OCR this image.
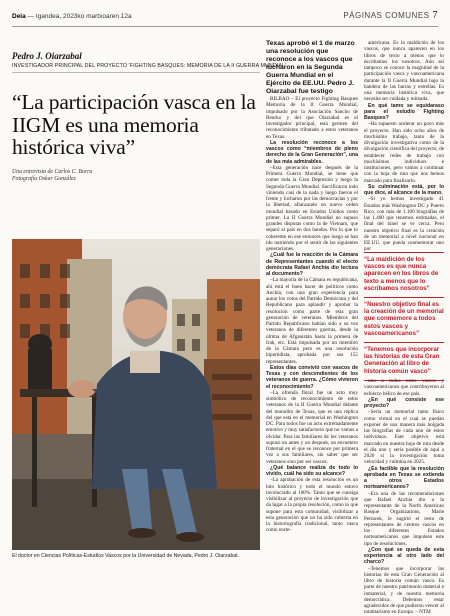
Deia — Igandea, 2023ko martxoaren 12a	PÁGINAS COMUNES 7
Pedro J. Oiarzabal
INVESTIGADOR PRINCIPAL DEL PROYECTO 'FIGHTING BASQUES: MEMORIA DE LA II GUERRA MUNDIAL'
“La participación vasca en la IIGM es una memoria histórica viva”
Una entrevista de Carlos C. Borra
Fotografía Oskar González
El doctor en Ciencias Políticas-Estudios Vascos por la Universidad de Nevada, Pedro J. Oiarzabal.
Texas aprobó el 1 de marzo una resolución que reconoce a los vascos que lucharon en la Segunda Guerra Mundial en el Ejército de EE.UU. Pedro J. Oiarzabal fue testigo

BILBAO – El proyecto Fighting Basques Memoria de la II Guerra Mundial, impulsado por la Asociación Sancho de Beurko y del que Oiarzabal es el investigador principal, está germen del reconocimiento tributado a estos veteranos en Texas.

La resolución reconoce a los vascos como “miembros de pleno derecho de la Gran Generación”, una de las más admirables.

–Esta generación nace después de la Primera Guerra Mundial, se tiene que comer toda la Gran Depresión y luego la Segunda Guerra Mundial. Sacrificaron todo viniendo casi de la nada y luego fueron el frente y lucharon por las democracias y por la libertad, afianzando un nuevo orden mundial basado en Estados Unidos como primer. La II Guerra Mundial no supuso grandes disputas como la de Vietnam, que separó al país en dos bandos. Por lo que lo coherente en ese entonces que luego se han ido nutriendo por el sentir de las siguientes generaciones.

¿Cuál fue la reacción de la Cámara de Representantes cuando el electo demócrata Rafael Anchía dio lectura al documento?

–La mayoría de la Cámara es republicana, ahí está el buen hacer de políticos como Anchía, con una gran experiencia para aunar los votos del Partido Demócrata y del Republicano para aplaudir y aprobar la resolución como parte de esta gran generación de veteranos. Miembros del Partido Republicano habían sido a su vez veteranos de diferentes guerras, desde la última de Afganistán hasta la primera de Irak, etc. Está impulsada por un miembro de la Cámara pero es una resolución bipartidista, aprobada por sus 155 representantes.

Estos días convivió con vascos de Texas y con descendientes de los veteranos de guerra. ¿Cómo vivieron el reconocimiento?

–La ofrenda floral fue un acto muy simbólico de reconocimiento de estos veteranos de la II Guerra Mundial delante del monolito de Texas, que es una réplica del que está en el memorial en Washington DC. Para todos fue un acto extremadamente emotivo y muy satisfactorio que no vamos a olvidar. Para las familiares de los veteranos supuso un antes y un después, un encuentro fraternal en el que se reconoce por primera vez a sus familiares, sin saber que ser veteranos sino por ser vascos.

¿Qué balance realiza de todo lo vivido, cuál ha sido su alcance?

–La aprobación de esta resolución es un hito histórico y todo el mundo estuvo involucrado al 100%. Tanto que se consiga visibilizar al proyecto de investigación que da lugar a la propia resolución, como lo que supone para esta comunidad, visibilizar a esta generación que no ha sido cubierta en la historiografía tradicional, tanto vasca como norte-

americana. Es la maldición de los vascos, que nunca aparecen en los libros de texto a menos que lo escribamos los nosotros. Aún así tampoco se conoce la magnitud de la participación vasca y vascoamericana durante la II Guerra Mundial bajo la bandera de las barras y estrellas. Es una memoria histórica viva, que necesita ser cuidada y mimada.

En qué tamo se equidaraso para el estudio Fighting Basques?

–Ha supuesto acelerar un poco más el proyecto. Han sido ocho años de muchísimo trabajo, tanto de la divulgación investigativa como de la divulgación científica del proyecto, de establecer redes de trabajo con muchísimos individuos e instituciones, pero vamos a continuar con la hoja de ruta que nos hemos marcado para finalizarlo.

Su culminación está, por lo que dice, al alcance de la mano.

–Si yo hemos investigado 41 Estados más Washington DC y Puerto Rico, con más de 1.100 biografías de las 1.400 que tenemos estimadas, el final del túnel se ve cerca. Pero nuestro objetivo final es la creación de un memorial a nivel nacional en EE.UU. que pueda conmemorar uno por

“La maldición de los vascos es que nunca aparecen en los libros de texto a menos que lo escribamos nosotros”
“Nuestro objetivo final es la creación de un memorial que conmemore a todos estos vascos y vascoamericanos”
“Tenemos que incorporar las historias de esta Gran Generación al libro de historia común vasco”

uno a todos estos vascos y vascoamericanos que contribuyeron al esfuerzo bélico de ese país.

¿En qué consiste ese proyecto?

–Sería un memorial tanto físico como virtual en el cual se puedan exponer de una manera más holgada las biografías de cada uno de estos individuos. Este objetivo está marcado en nuestra hoja de ruta desde el día uno y sería posible de aquí a 2026 si la investigación toma velocidad y culmina en 2025.

¿Es factible que la resolución aprobada en Texas se extienda a otros Estados norteamericanos?

–Era una de las recomendaciones que Rafael Anchía dio a la representante de la North American Basque Organizations, Marie Petracek, le sugirió el resto de representantes de centros vascos en los diferentes Estados norteamericanos que impulsen este tipo de resoluciones.

¿Con qué se queda de esta experiencia al otro lado del charco?

–Tenemos que incorporar las historias de esta Gran Generación al libro de historia común vasco. Es parte de nuestro patrimonio material e inmaterial, y de nuestra memoria democrática. Debemos estar agradecidos de que pudieron vencer al totalitarismo en Europa. – NTM
